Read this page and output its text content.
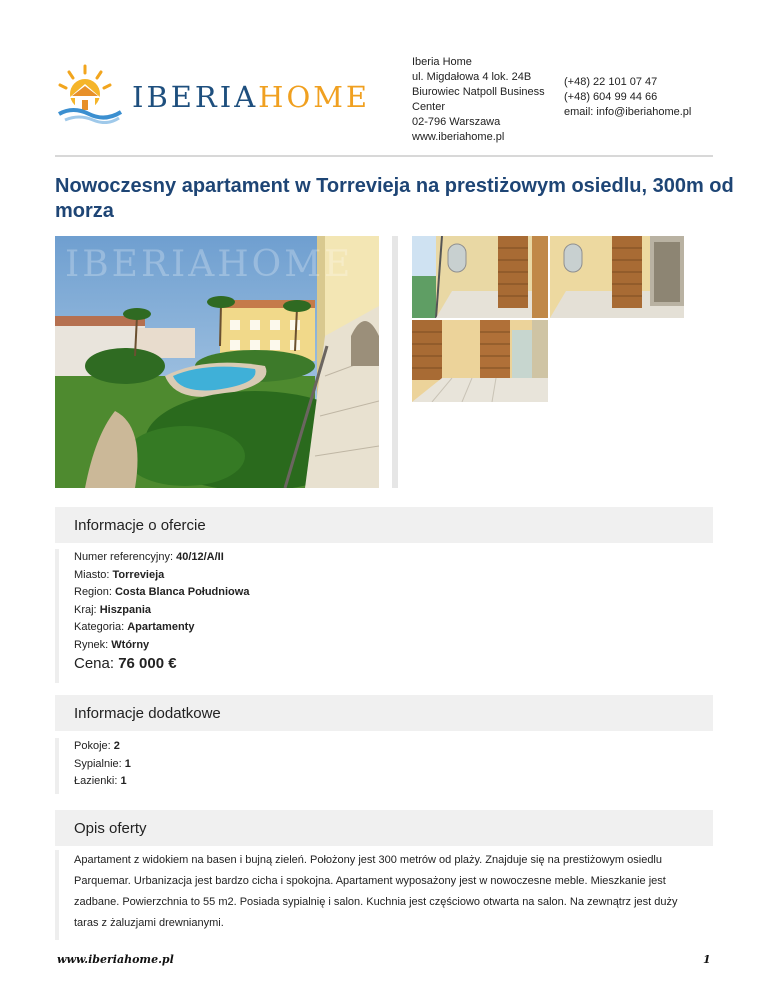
IBERIAHOME
Iberia Home
ul. Migdałowa 4 lok. 24B
Biurowiec Natpoll Business
Center
02-796 Warszawa
www.iberiahome.pl
(+48) 22 101 07 47
(+48) 604 99 44 66
email: info@iberiahome.pl
Nowoczesny apartament w Torrevieja na prestiżowym osiedlu, 300m od morza
IBERIAHOME
Informacje o ofercie
Numer referencyjny: 40/12/A/II
Miasto: Torrevieja
Region: Costa Blanca Południowa
Kraj: Hiszpania
Kategoria: Apartamenty
Rynek: Wtórny
Cena: 76 000 €
Informacje dodatkowe
Pokoje: 2
Sypialnie: 1
Łazienki: 1
Opis oferty

Apartament z widokiem na basen i bujną zieleń. Położony jest 300 metrów od plaży. Znajduje się na prestiżowym osiedlu Parquemar. Urbanizacja jest bardzo cicha i spokojna. Apartament wyposażony jest w nowoczesne meble. Mieszkanie jest zadbane. Powierzchnia to 55 m2. Posiada sypialnię i salon. Kuchnia jest częściowo otwarta na salon. Na zewnątrz jest duży taras z żaluzjami drewnianymi.

www.iberiahome.pl	1
